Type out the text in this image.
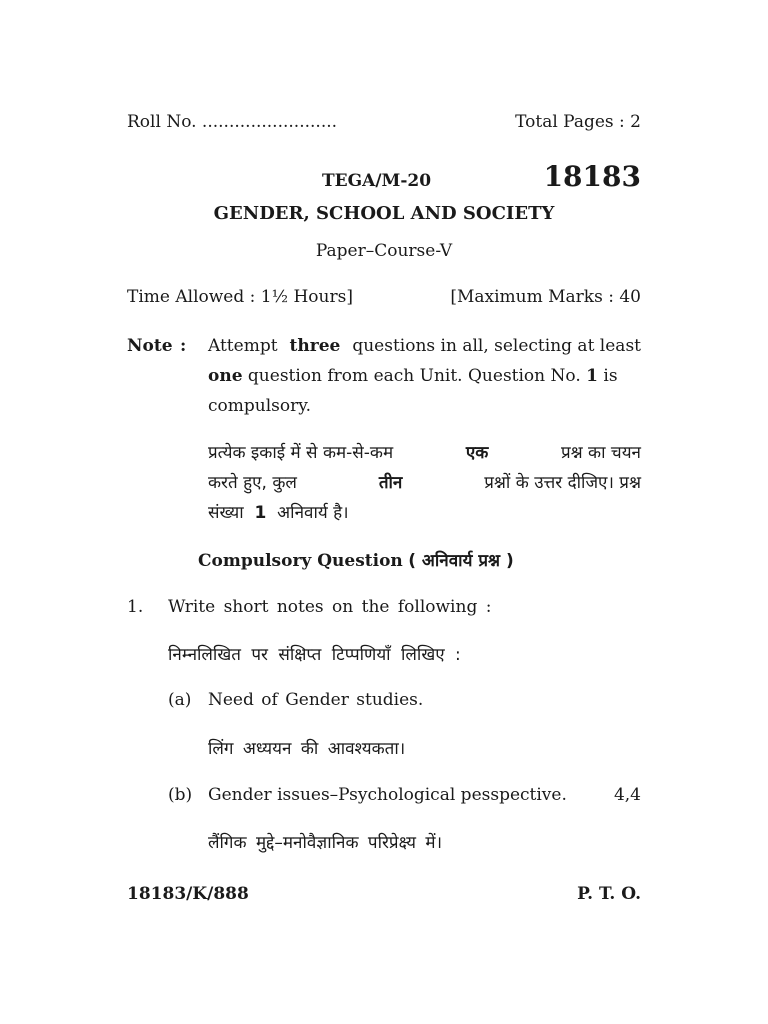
Roll No. .........................	Total Pages : 2
TEGA/M-20	18183
GENDER, SCHOOL AND SOCIETY
Paper–Course-V
Time Allowed : 1½ Hours]	[Maximum Marks : 40
Note : Attempt three questions in all, selecting at least
one question from each Unit. Question No. 1 is
compulsory.
प्रत्येक इकाई में से कम-से-कम	एक	प्रश्न का चयन
करते हुए, कुल	तीन	प्रश्नों के उत्तर दीजिए। प्रश्न
संख्या 1 अनिवार्य है।
Compulsory Question ( अनिवार्य प्रश्न )
1. Write short notes on the following :
निम्नलिखित पर संक्षिप्त टिप्पणियाँ लिखिए :
(a) Need of Gender studies.
लिंग अध्ययन की आवश्यकता।
(b) Gender issues–Psychological pesspective.	4,4
लैंगिक मुद्दे–मनोवैज्ञानिक परिप्रेक्ष्य में।
18183/K/888	P. T. O.
